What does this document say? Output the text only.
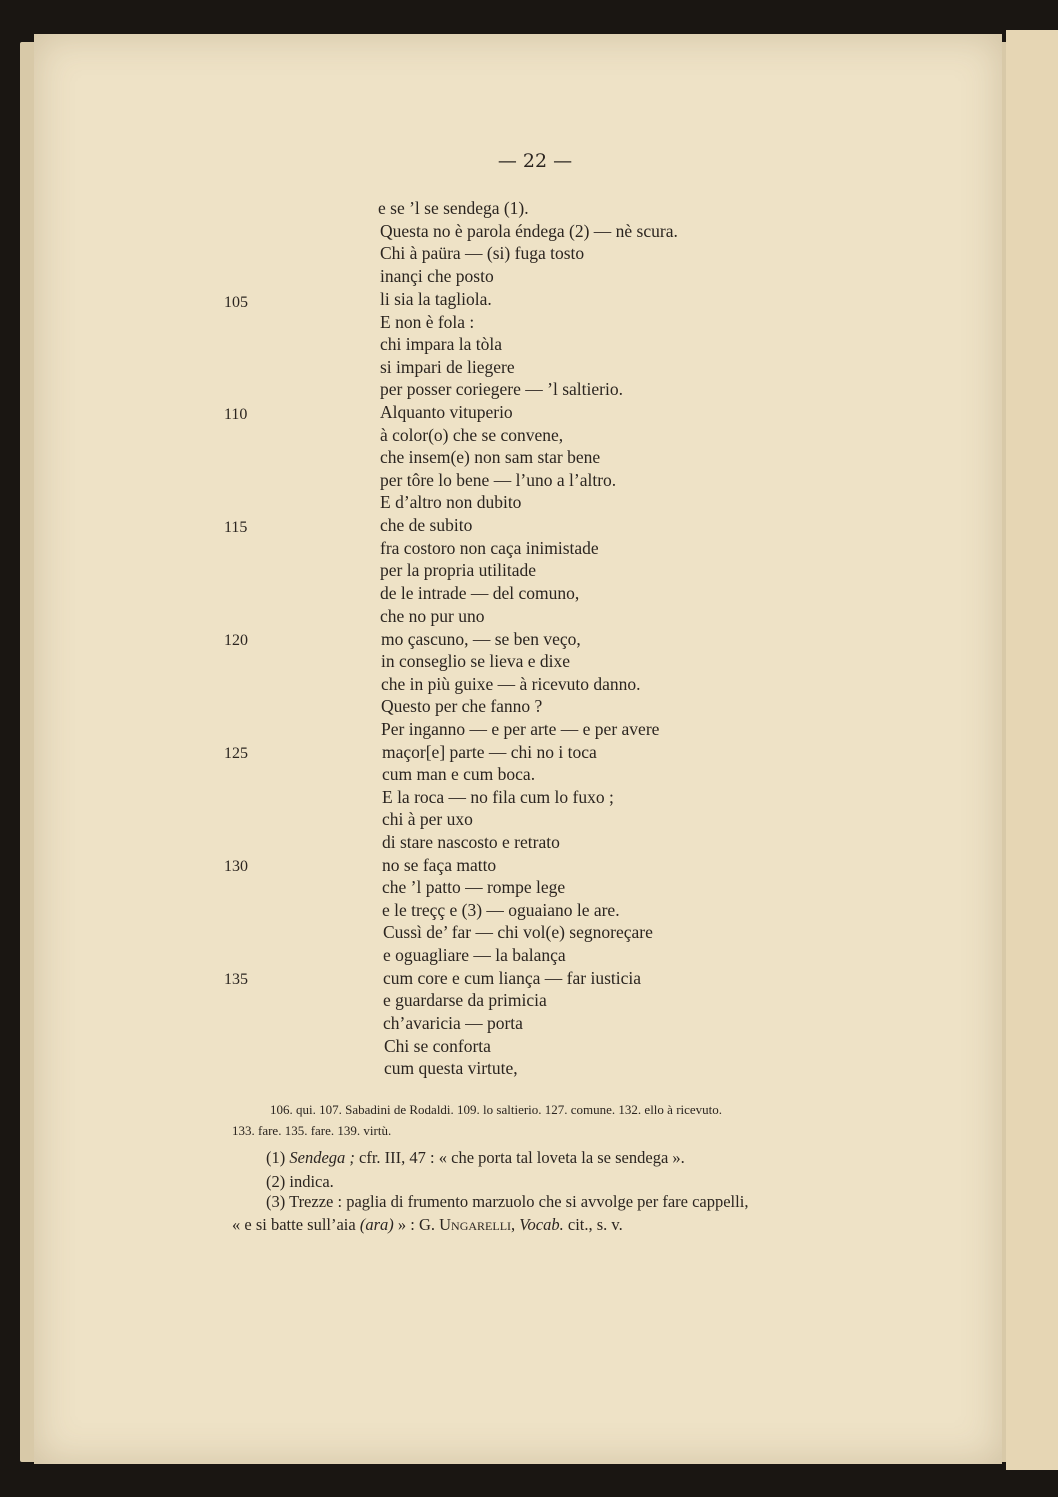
— 22 —
e se ’l se sendega (1).
Questa no è parola éndega (2) — nè scura.
Chi à paüra — (si) fuga tosto
inançi che posto
li sia la tagliola.
E non è fola :
chi impara la tòla
si impari de liegere
per posser coriegere — ’l saltierio.
Alquanto vituperio
à color(o) che se convene,
che insem(e) non sam star bene
per tôre lo bene — l’uno a l’altro.
E d’altro non dubito
che de subito
fra costoro non caça inimistade
per la propria utilitade
de le intrade — del comuno,
che no pur uno
mo çascuno, — se ben veço,
in conseglio se lieva e dixe
che in più guixe — à ricevuto danno.
Questo per che fanno ?
Per inganno — e per arte — e per avere
maçor[e] parte — chi no i toca
cum man e cum boca.
E la roca — no fila cum lo fuxo ;
chi à per uxo
di stare nascosto e retrato
no se faça matto
che ’l patto — rompe lege
e le treçç e (3) — oguaiano le are.
Cussì de’ far — chi vol(e) segnoreçare
e oguagliare — la balança
cum core e cum liança — far iusticia
e guardarse da primicia
ch’avaricia — porta
Chi se conforta
cum questa virtute,
105
110
115
120
125
130
135
106. qui. 107. Sabadini de Rodaldi. 109. lo saltierio. 127. comune. 132. ello à ricevuto.
133. fare. 135. fare. 139. virtù.
(1) Sendega ; cfr. III, 47 : « che porta tal loveta la se sendega ».
(2) indica.
(3) Trezze : paglia di frumento marzuolo che si avvolge per fare cappelli,
« e si batte sull’aia (ara) » : G. Ungarelli, Vocab. cit., s. v.
